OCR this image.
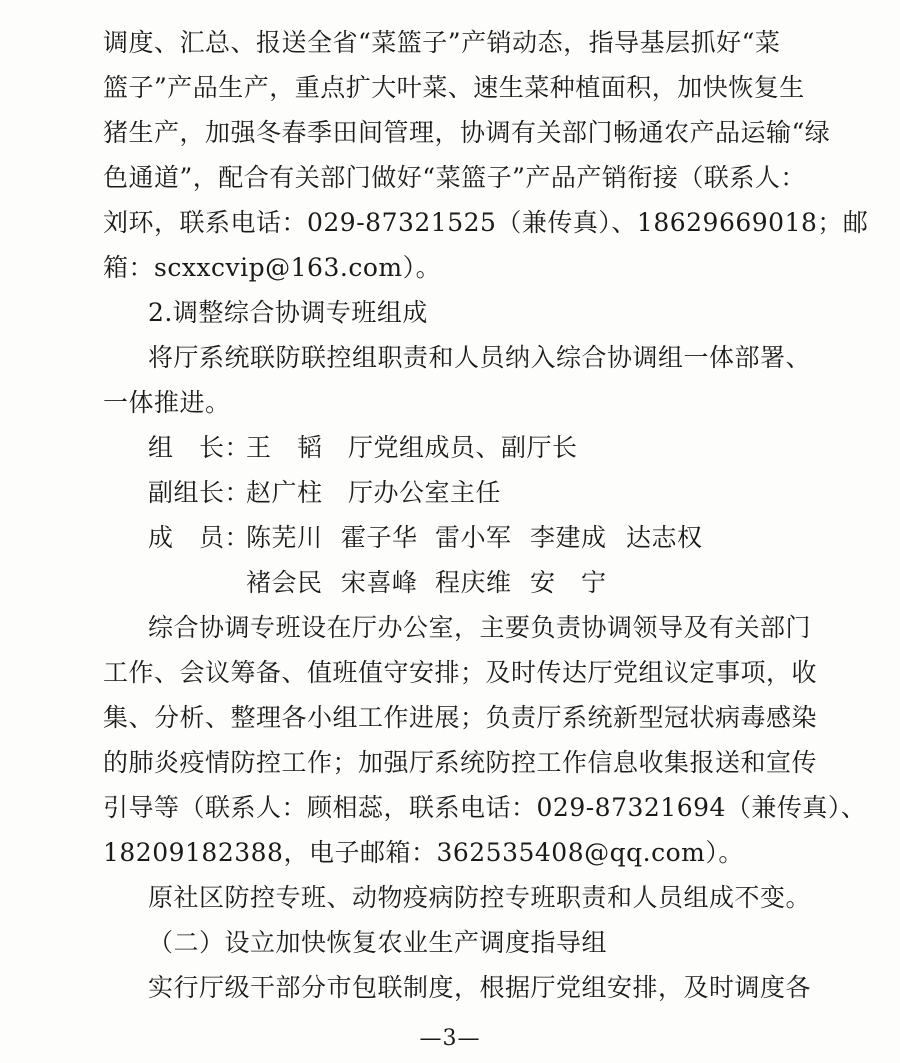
调度、汇总、报送全省“菜篮子”产销动态，指导基层抓好“菜
篮子”产品生产，重点扩大叶菜、速生菜种植面积，加快恢复生
猪生产，加强冬春季田间管理，协调有关部门畅通农产品运输“绿
色通道”，配合有关部门做好“菜篮子”产品产销衔接（联系人：
刘环，联系电话：029-87321525（兼传真）、18629669018；邮
箱：scxxcvip@163.com）。
2.调整综合协调专班组成
将厅系统联防联控组职责和人员纳入综合协调组一体部署、
一体推进。
组　长：
王　韬　厅党组成员、副厅长
副组长：
赵广柱　厅办公室主任
成　员：
陈芜川 霍子华 雷小军 李建成 达志权
褚会民 宋喜峰 程庆维 安　宁
综合协调专班设在厅办公室，主要负责协调领导及有关部门
工作、会议筹备、值班值守安排；及时传达厅党组议定事项，收
集、分析、整理各小组工作进展；负责厅系统新型冠状病毒感染
的肺炎疫情防控工作；加强厅系统防控工作信息收集报送和宣传
引导等（联系人：顾相蕊，联系电话：029-87321694（兼传真）、
18209182388，电子邮箱：362535408@qq.com）。
原社区防控专班、动物疫病防控专班职责和人员组成不变。
（二）设立加快恢复农业生产调度指导组
实行厅级干部分市包联制度，根据厅党组安排，及时调度各
—3—
